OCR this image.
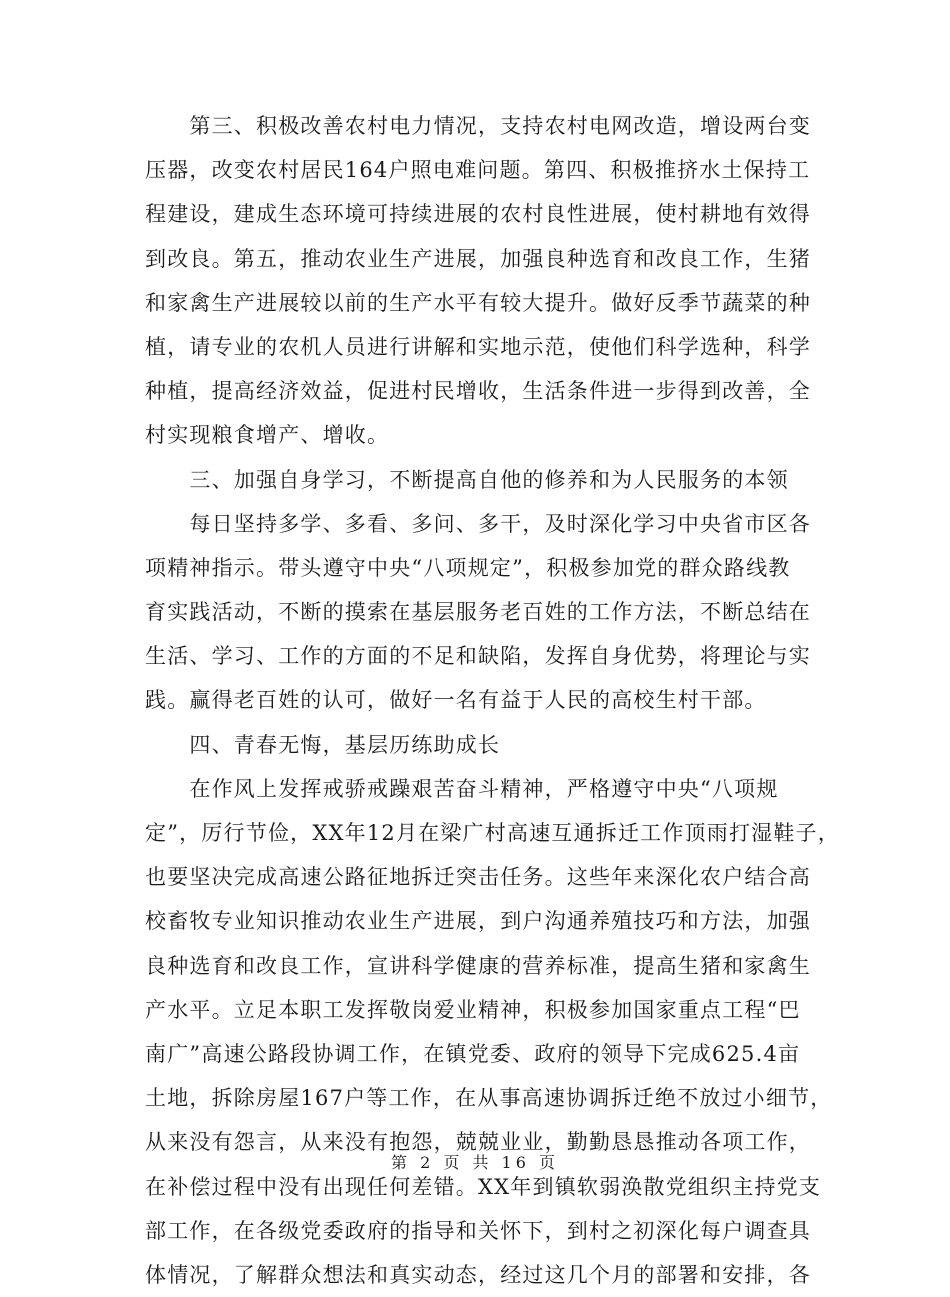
　　第三、积极改善农村电力情况，支持农村电网改造，增设两台变
压器，改变农村居民164户照电难问题。第四、积极推挤水土保持工
程建设，建成生态环境可持续进展的农村良性进展，使村耕地有效得
到改良。第五，推动农业生产进展，加强良种选育和改良工作，生猪
和家禽生产进展较以前的生产水平有较大提升。做好反季节蔬菜的种
植，请专业的农机人员进行讲解和实地示范，使他们科学选种，科学
种植，提高经济效益，促进村民增收，生活条件进一步得到改善，全
村实现粮食增产、增收。
　　三、加强自身学习，不断提高自他的修养和为人民服务的本领
　　每日坚持多学、多看、多问、多干，及时深化学习中央省市区各
项精神指示。带头遵守中央“八项规定”，积极参加党的群众路线教
育实践活动，不断的摸索在基层服务老百姓的工作方法，不断总结在
生活、学习、工作的方面的不足和缺陷，发挥自身优势，将理论与实
践。赢得老百姓的认可，做好一名有益于人民的高校生村干部。
　　四、青春无悔，基层历练助成长
　　在作风上发挥戒骄戒躁艰苦奋斗精神，严格遵守中央“八项规
定”，厉行节俭，XX年12月在梁广村高速互通拆迁工作顶雨打湿鞋子，
也要坚决完成高速公路征地拆迁突击任务。这些年来深化农户结合高
校畜牧专业知识推动农业生产进展，到户沟通养殖技巧和方法，加强
良种选育和改良工作，宣讲科学健康的营养标准，提高生猪和家禽生
产水平。立足本职工发挥敬岗爱业精神，积极参加国家重点工程“巴
南广”高速公路段协调工作，在镇党委、政府的领导下完成625.4亩
土地，拆除房屋167户等工作，在从事高速协调拆迁绝不放过小细节，
从来没有怨言，从来没有抱怨，兢兢业业，勤勤恳恳推动各项工作，
在补偿过程中没有出现任何差错。XX年到镇软弱涣散党组织主持党支
部工作，在各级党委政府的指导和关怀下，到村之初深化每户调查具
体情况，了解群众想法和真实动态，经过这几个月的部署和安排，各
第 2 页 共 16 页
